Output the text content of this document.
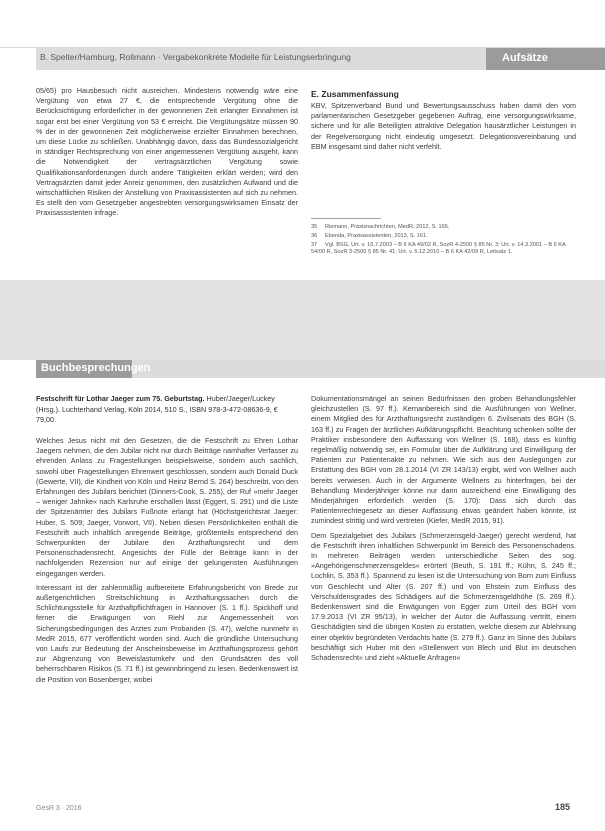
B. Spelter/Hamburg, Rollmann · Vergabekonkrete Modelle für Leistungserbringung	Aufsätze

05/65) pro Hausbesuch nicht ausreichen. Mindestens notwendig wäre eine Vergütung von etwa 27 €, die entsprechende Vergütung ohne die Berücksichtigung erforderlicher in der gewonnenen Zeit erlangter Einnahmen ist sogar erst bei einer Vergütung von 53 € erreicht. Die Vergütungsätze müssen 90 % der in der gewonnenen Zeit möglicherweise erzielter Einnahmen berechnen, um diese Lücke zu schließen. Unabhängig davon, dass das Bundessozialgericht in ständiger Rechtsprechung von einer angemessenen Vergütung ausgeht, kann die Notwendigkeit der vertragsärztlichen Vergütung sowie Qualifikationsanforderungen durch andere Tätigkeiten erklärt werden; wird den Vertragsärzten damit jeder Anreiz genommen, den zusätzlichen Aufwand und die wirtschaftlichen Risiken der Anstellung von Praxisassistenten auf sich zu nehmen. Es stellt den vom Gesetzgeber angestrebten versorgungswirksamen Einsatz der Praxisassistenten infrage.

E. Zusammenfassung

KBV, Spitzenverband Bund und Bewertungsausschuss haben damit den vom parlamentarischen Gesetzgeber gegebenen Auftrag, eine versorgungswirksame, sichere und für alle Beteiligten attraktive Delegation hausärztlicher Leistungen in der Regelversorgung nicht eindeutig umgesetzt. Delegationsvereinbarung und EBM insgesamt sind daher nicht verfehlt.

35 Riemann, Praxisnachrichten, MedR, 2012, S. 165.
36 Ebenda, Praxisassistenten, 2013, S. 161.
37 Vgl. BSG, Urt. v. 16.7.2003 – B 6 KA 49/02 R, SozR 4-2500 § 85 Nr. 3; Urt. v. 14.3.2001 – B 6 KA 54/00 R, SozR 3-2500 § 85 Nr. 41; Urt. v. 5.12.2010 – B 6 KA 42/09 R, Leitsatz 1.
Buchbesprechungen
Festschrift für Lothar Jaeger zum 75. Geburtstag. Huber/Jaeger/Luckey (Hrsg.). Luchterhand Verlag, Köln 2014, 510 S., ISBN 978-3-472-08636-9, € 79,00.

Welches Jesus nicht mit den Gesetzen, die die Festschrift zu Ehren Lothar Jaegers nehmen, die den Jubilar nicht nur durch Beiträge namhafter Verfasser zu ehrenden Anlass zu Fragestellungen beispielsweise, sondern auch sachlich, sowohl über Fragestellungen Ehrenwert geschlossen, sondern auch Donald Duck (Gewerte, VII), die Kindheit von Köln und Heinz Bernd S. 264) beschreibt, von den Erfahrungen des Jubilars berichtet (Dinners-Cook, S. 255), der Ruf »mehr Jaeger – weniger Jahnke« nach Karlsruhe erschallen lässt (Eggert, S. 291) und die Liste der Spitzenämter des Jubilars Fußnote erlangt hat (Höchstgerichtsrat Jaeger: Huber, S. 509; Jaeger, Vorwort, VII). Neben diesen Persönlichkeiten enthält die Festschrift auch inhaltlich anregende Beiträge, größtenteils entsprechend den Schwerpunkten der Jubilare den Arzthaftungsrecht und dem Personenschadensrecht. Angesichts der Fülle der Beiträge kann in der nachfolgenden Rezension nur auf einige der gelungensten Ausführungen eingegangen werden.

Interessant ist der zahlenmäßig aufbereitete Erfahrungsbericht von Brede zur außergerichtlichen Streitschlichtung in Arzthaftungssachen durch die Schlichtungsstelle für Arzthaftpflichtfragen in Hannover (S. 1 ff.). Spickhoff und ferner die Erwägungen von Riehl zur Angemessenheit von Sicherungsbedingungen des Arztes zum Probanden (S. 47), welche nunmehr in MedR 2015, 677 veröffentlicht worden sind. Auch die gründliche Untersuchung von Laufs zur Bedeutung der Anscheinsbeweise im Arzthaftungsprozess gehört zur Abgrenzung von Beweislastumkehr und den Grundsätzen des voll beherrschbaren Risikos (S. 71 ff.) ist gewinnbringend zu lesen. Bedenkenswert ist die Position von Bosenberger, wobei

Dokumentationsmängel an seinen Bedürfnissen den groben Behandlungsfehler gleichzustellen (S. 97 ff.). Kernanbereich sind die Ausführungen von Wellner, einem Mitglied des für Arzthaftungsrecht zuständigen 6. Zivilsenats des BGH (S. 163 ff.) zu Fragen der ärztlichen Aufklärungspflicht. Beachtung schenken sollte der Praktiker insbesondere den Auffassung von Wellner (S. 168), dass es künftig regelmäßig notwendig sei, ein Formular über die Aufklärung und Einwilligung der Patienten zur Patientenakte zu nehmen. Wie sich aus den Auslegungen zur Erstattung des BGH vom 28.1.2014 (VI ZR 143/13) ergibt, wird von Wellner auch bereits verwiesen. Auch in der Argumente Wellners zu hinterfragen, bei der Behandlung Minderjähriger könne nur dann ausreichend eine Einwilligung des Minderjährigen erforderlich werden (S. 170): Dass sich durch das Patientenrechtegesetz an dieser Auffassung etwas geändert haben könnte, ist zumindest strittig und wird vertreten (Kiefer, MedR 2015, 91).

Dem Spezialgebiet des Jubilars (Schmerzensgeld-Jaeger) gerecht werdend, hat die Festschrift ihren inhaltlichen Schwerpunkt im Bereich des Personenschadens. In mehreren Beiträgen werden unterschiedliche Seiten des sog. »Angehörigenschmerzensgeldes« erörtert (Beuth, S. 191 ff.; Kühn, S. 245 ff.; Lochlin, S. 353 ff.). Spannend zu lesen ist die Untersuchung von Born zum Einfluss von Geschlecht und Alter (S. 207 ff.) und von Ehstein zum Einfluss des Verschuldensgrades des Schädigers auf die Schmerzensgeldhöhe (S. 269 ff.). Bedenkenswert sind die Erwägungen von Egger zum Urteil des BGH vom 17.9.2013 (VI ZR 95/13), in welcher der Autor die Auffassung vertritt, einem Geschädigten sind die übrigen Kosten zu erstatten, welche diesem zur Ablehnung einer objektiv begründeten Verdachts hatte (S. 279 ff.). Ganz im Sinne des Jubilars beschäftigt sich Huber mit den »Stellenwert von Blech und Blut im deutschen Schadensrecht« und zieht »Aktuelle Anfragen«

GesR 3 · 2016	185
